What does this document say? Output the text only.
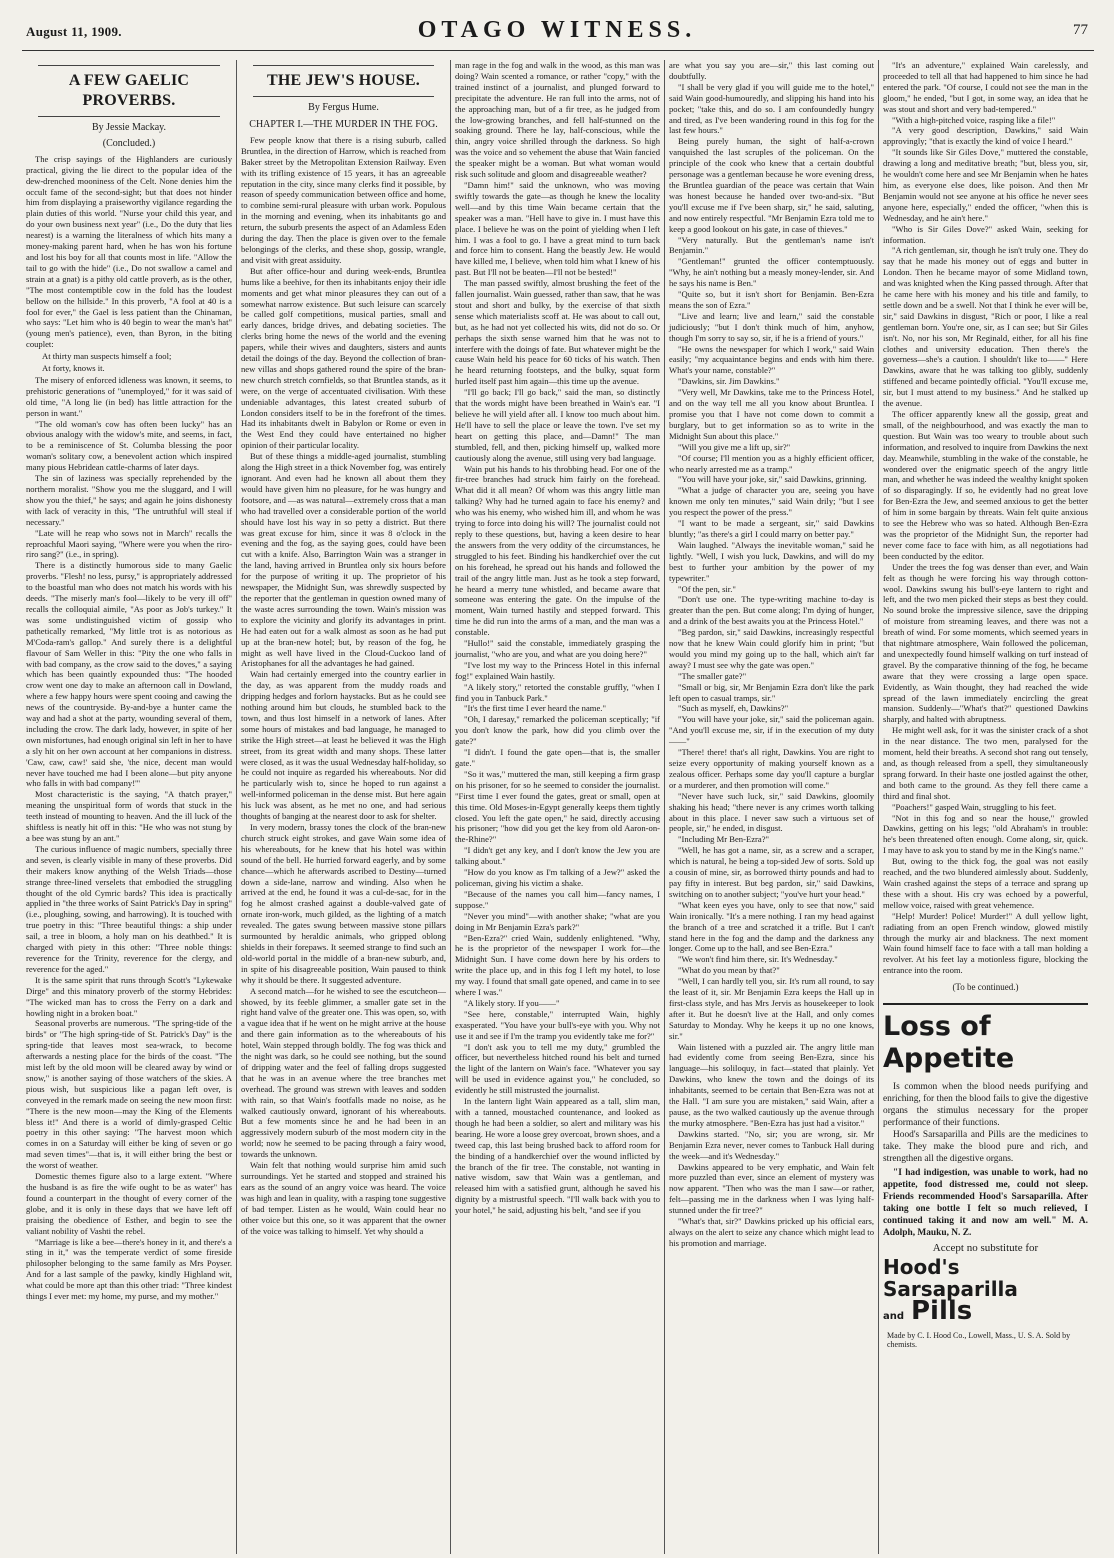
August 11, 1909.	OTAGO WITNESS.	77
A FEW GAELIC PROVERBS.
By Jessie Mackay.
(Concluded.)

The crisp sayings of the Highlanders are curiously practical, giving the lie direct to the popular idea of the dew-drenched mooniness of the Celt. None denies him the occult fame of the second-sight; but that does not hinder him from displaying a praiseworthy vigilance regarding the plain duties of this world. "Nurse your child this year, and do your own business next year" (i.e., Do the duty that lies nearest) is a warning the literalness of which hits many a money-making parent hard, when he has won his fortune and lost his boy for all that counts most in life. "Allow the tail to go with the hide" (i.e., Do not swallow a camel and strain at a gnat) is a pithy old cattle proverb, as is the other, "The most contemptible cow in the fold has the loudest bellow on the hillside." In this proverb, "A fool at 40 is a fool for ever," the Gael is less patient than the Chinaman, who says: "Let him who is 40 begin to wear the man's hat" (young men's patience), even, than Byron, in the biting couplet:

At thirty man suspects himself a fool;

At forty, knows it.

The misery of enforced idleness was known, it seems, to prehistoric generations of "unemployed," for it was said of old time, "A long lie (in bed) has little attraction for the person in want."

"The old woman's cow has often been lucky" has an obvious analogy with the widow's mite, and seems, in fact, to be a reminiscence of St. Columba blessing the poor woman's solitary cow, a benevolent action which inspired many pious Hebridean cattle-charms of later days.

The sin of laziness was specially reprehended by the northern moralist. "Show you me the sluggard, and I will show you the thief," he says; and again he joins dishonesty with lack of veracity in this, "The untruthful will steal if necessary."

"Late will he reap who sows not in March" recalls the reproachful Maori saying, "Where were you when the riro-riro sang?" (i.e., in spring).

There is a distinctly humorous side to many Gaelic proverbs. "Flesh! no less, pursy," is appropriately addressed to the boastful man who does not match his words with his deeds. "The miserly man's fool—likely to be very ill off" recalls the colloquial aimile, "As poor as Job's turkey." It was some undistinguished victim of gossip who pathetically remarked, "My little trot is as notorious as M'Coda-ram's gallop." And surely there is a delightful flavour of Sam Weller in this: "Pity the one who falls in with bad company, as the crow said to the doves," a saying which has been quaintly expounded thus: "The hooded crow went one day to make an afternoon call in Dowland, where a few happy hours were spent cooing and cawing the news of the countryside. By-and-bye a hunter came the way and had a shot at the party, wounding several of them, including the crow. The dark lady, however, in spite of her own misfortunes, had enough original sin left in her to have a sly hit on her own account at her companions in distress. 'Caw, caw, caw!' said she, 'the nice, decent man would never have touched me had I been alone—but pity anyone who falls in with bad company!'"

Most characteristic is the saying, "A thatch prayer," meaning the unspiritual form of words that stuck in the teeth instead of mounting to heaven. And the ill luck of the shiftless is neatly hit off in this: "He who was not stung by a bee was stung by an ant."

The curious influence of magic numbers, specially three and seven, is clearly visible in many of these proverbs. Did their makers know anything of the Welsh Triads—those strange three-lined verselets that embodied the struggling thought of the old Cymric bards? This idea is practically applied in "the three works of Saint Patrick's Day in spring" (i.e., ploughing, sowing, and harrowing). It is touched with true poetry in this: "Three beautiful things: a ship under sail, a tree in bloom, a holy man on his deathbed." It is charged with piety in this other: "Three noble things: reverence for the Trinity, reverence for the clergy, and reverence for the aged."

It is the same spirit that runs through Scott's "Lykewake Dirge" and this minatory proverb of the stormy Hebrides: "The wicked man has to cross the Ferry on a dark and howling night in a broken boat."

Seasonal proverbs are numerous. "The spring-tide of the birds" or "The high spring-tide of St. Patrick's Day" is the spring-tide that leaves most sea-wrack, to become afterwards a nesting place for the birds of the coast. "The mist left by the old moon will be cleared away by wind or snow," is another saying of those watchers of the skies. A pious wish, but suspicious like a pagan left over, is conveyed in the remark made on seeing the new moon first: "There is the new moon—may the King of the Elements bless it!" And there is a world of dimly-grasped Celtic poetry in this other saying: "The harvest moon which comes in on a Saturday will either be king of seven or go mad seven times"—that is, it will either bring the best or the worst of weather.

Domestic themes figure also to a large extent. "Where the husband is as fire the wife ought to be as water" has found a counterpart in the thought of every corner of the globe, and it is only in these days that we have left off praising the obedience of Esther, and begin to see the valiant nobility of Vashti the rebel.

"Marriage is like a bee—there's honey in it, and there's a sting in it," was the temperate verdict of some fireside philosopher belonging to the same family as Mrs Poyser. And for a last sample of the pawky, kindly Highland wit, what could be more apt than this other triad: "Three kindest things I ever met: my home, my purse, and my mother."

THE JEW'S HOUSE.
By Fergus Hume.
CHAPTER I.—THE MURDER IN THE FOG.

Few people know that there is a rising suburb, called Bruntlea, in the direction of Harrow, which is reached from Baker street by the Metropolitan Extension Railway. Even with its trifling existence of 15 years, it has an agreeable reputation in the city, since many clerks find it possible, by reason of speedy communication between office and home, to combine semi-rural pleasure with urban work. Populous in the morning and evening, when its inhabitants go and return, the suburb presents the aspect of an Adamless Eden during the day. Then the place is given over to the female belongings of the clerks, and these shop, gossip, wrangle, and visit with great assiduity.

But after office-hour and during week-ends, Bruntlea hums like a beehive, for then its inhabitants enjoy their idle moments and get what minor pleasures they can out of a somewhat narrow existence. But such leisure can scarcely be called golf competitions, musical parties, small and early dances, bridge drives, and debating societies. The clerks bring home the news of the world and the evening papers, while their wives and daughters, sisters and aunts detail the doings of the day. Beyond the collection of bran-new villas and shops gathered round the spire of the bran-new church stretch cornfields, so that Bruntlea stands, as it were, on the verge of accentuated civilisation. With these undeniable advantages, this latest created suburb of London considers itself to be in the forefront of the times. Had its inhabitants dwelt in Babylon or Rome or even in the West End they could have entertained no higher opinion of their particular locality.

But of these things a middle-aged journalist, stumbling along the High street in a thick November fog, was entirely ignorant. And even had he known all about them they would have given him no pleasure, for he was hungry and footsore, and —as was natural—extremely cross that a man who had travelled over a considerable portion of the world should have lost his way in so petty a district. But there was great excuse for him, since it was 8 o'clock in the evening and the fog, as the saying goes, could have been cut with a knife. Also, Barrington Wain was a stranger in the land, having arrived in Bruntlea only six hours before for the purpose of writing it up. The proprietor of his newspaper, the Midnight Sun, was shrewdly suspected by the reporter that the gentleman in question owned many of the waste acres surrounding the town. Wain's mission was to explore the vicinity and glorify its advantages in print. He had eaten out for a walk almost as soon as he had put up at the bran-new hotel; but, by reason of the fog, he might as well have lived in the Cloud-Cuckoo land of Aristophanes for all the advantages he had gained.

Wain had certainly emerged into the country earlier in the day, as was apparent from the muddy roads and dripping hedges and forlorn haystacks. But as he could see nothing around him but clouds, he stumbled back to the town, and thus lost himself in a network of lanes. After some hours of mistakes and bad language, he managed to strike the High street—at least he believed it was the High street, from its great width and many shops. These latter were closed, as it was the usual Wednesday half-holiday, so he could not inquire as regarded his whereabouts. Nor did he particularly wish to, since he hoped to run against a well-informed policeman in the dense mist. But here again his luck was absent, as he met no one, and had serious thoughts of banging at the nearest door to ask for shelter.

In very modern, brassy tones the clock of the bran-new church struck eight strokes, and gave Wain some idea of his whereabouts, for he knew that his hotel was within sound of the bell. He hurried forward eagerly, and by some chance—which he afterwards ascribed to Destiny—turned down a side-lane, narrow and winding. Also when he arrived at the end, he found it was a cul-de-sac, for in the fog he almost crashed against a double-valved gate of ornate iron-work, much gilded, as the lighting of a match revealed. The gates swung between massive stone pillars surmounted by heraldic animals, who gripped oblong shields in their forepaws. It seemed strange to find such an old-world portal in the middle of a bran-new suburb, and, in spite of his disagreeable position, Wain paused to think why it should be there. It suggested adventure.

A second match—for he wished to see the escutcheon—showed, by its feeble glimmer, a smaller gate set in the right hand valve of the greater one. This was open, so, with a vague idea that if he went on he might arrive at the house and there gain information as to the whereabouts of his hotel, Wain stepped through boldly. The fog was thick and the night was dark, so he could see nothing, but the sound of dripping water and the feel of falling drops suggested that he was in an avenue where the tree branches met overhead. The ground was strewn with leaves and sodden with rain, so that Wain's footfalls made no noise, as he walked cautiously onward, ignorant of his whereabouts. But a few moments since he and he had been in an aggressively modern suburb of the most modern city in the world; now he seemed to be pacing through a fairy wood, towards the unknown.

Wain felt that nothing would surprise him amid such surroundings. Yet he started and stopped and strained his ears as the sound of an angry voice was heard. The voice was high and lean in quality, with a rasping tone suggestive of bad temper. Listen as he would, Wain could hear no other voice but this one, so it was apparent that the owner of the voice was talking to himself. Yet why should a

man rage in the fog and walk in the wood, as this man was doing? Wain scented a romance, or rather "copy," with the trained instinct of a journalist, and plunged forward to precipitate the adventure. He ran full into the arms, not of the approaching man, but of a fir tree, as he judged from the low-growing branches, and fell half-stunned on the soaking ground. There he lay, half-conscious, while the thin, angry voice shrilled through the darkness. So high was the voice and so vehement the abuse that Wain fancied the speaker might be a woman. But what woman would risk such solitude and gloom and disagreeable weather?

"Damn him!" said the unknown, who was moving swiftly towards the gate—as though he knew the locality well—and by this time Wain became certain that the speaker was a man. "Hell have to give in. I must have this place. I believe he was on the point of yielding when I left him. I was a fool to go. I have a great mind to turn back and force him to consent. Hang the beastly Jew. He would have killed me, I believe, when told him what I knew of his past. But I'll not be beaten—I'll not be bested!"

The man passed swiftly, almost brushing the feet of the fallen journalist. Wain guessed, rather than saw, that he was stout and short and bulky, by the exercise of that sixth sense which materialists scoff at. He was about to call out, but, as he had not yet collected his wits, did not do so. Or perhaps the sixth sense warned him that he was not to interfere with the doings of fate. But whatever might be the cause Wain held his peace for 60 ticks of his watch. Then he heard returning footsteps, and the bulky, squat form hurled itself past him again—this time up the avenue.

"I'll go back; I'll go back," said the man, so distinctly that the words might have been breathed in Wain's ear. "I believe he will yield after all. I know too much about him. He'll have to sell the place or leave the town. I've set my heart on getting this place, and—Damn!" The man stumbled, fell, and then, picking himself up, walked more cautiously along the avenue, still using very bad language.

Wain put his hands to his throbbing head. For one of the fir-tree branches had struck him fairly on the forehead. What did it all mean? Of whom was this angry little man talking? Why had he turned again to face his enemy? and who was his enemy, who wished him ill, and whom he was trying to force into doing his will? The journalist could not reply to these questions, but, having a keen desire to hear the answers from the very oddity of the circumstances, he struggled to his feet. Binding his handkerchief over the cut on his forehead, he spread out his hands and followed the trail of the angry little man. Just as he took a step forward, he heard a merry tune whistled, and became aware that someone was entering the gate. On the impulse of the moment, Wain turned hastily and stepped forward. This time he did run into the arms of a man, and the man was a constable.

"Hullo!" said the constable, immediately grasping the journalist, "who are you, and what are you doing here?"

"I've lost my way to the Princess Hotel in this infernal fog!" explained Wain hastily.

"A likely story," retorted the constable gruffly, "when I find you in Tanbuck Park."

"It's the first time I ever heard the name."

"Oh, I daresay," remarked the policeman sceptically; "if you don't know the park, how did you climb over the gate?"

"I didn't. I found the gate open—that is, the smaller gate."

"So it was," muttered the man, still keeping a firm grasp on his prisoner, for so he seemed to consider the journalist. "First time I ever found the gates, great or small, open at this time. Old Moses-in-Egypt generally keeps them tightly closed. You left the gate open," he said, directly accusing his prisoner; "how did you get the key from old Aaron-on-the-Rhine?"

"I didn't get any key, and I don't know the Jew you are talking about."

"How do you know as I'm talking of a Jew?" asked the policeman, giving his victim a shake.

"Because of the names you call him—fancy names, I suppose."

"Never you mind"—with another shake; "what are you doing in Mr Benjamin Ezra's park?"

"Ben-Ezra?" cried Wain, suddenly enlightened. "Why, he is the proprietor of the newspaper I work for—the Midnight Sun. I have come down here by his orders to write the place up, and in this fog I left my hotel, to lose my way. I found that small gate opened, and came in to see where I was."

"A likely story. If you——"

"See here, constable," interrupted Wain, highly exasperated. "You have your bull's-eye with you. Why not use it and see if I'm the tramp you evidently take me for?"

"I don't ask you to tell me my duty," grumbled the officer, but nevertheless hitched round his belt and turned the light of the lantern on Wain's face. "Whatever you say will be used in evidence against you," he concluded, so evidently he still mistrusted the journalist.

In the lantern light Wain appeared as a tall, slim man, with a tanned, moustached countenance, and looked as though he had been a soldier, so alert and military was his bearing. He wore a loose grey overcoat, brown shoes, and a tweed cap, this last being brushed back to afford room for the binding of a handkerchief over the wound inflicted by the branch of the fir tree. The constable, not wanting in native wisdom, saw that Wain was a gentleman, and released him with a satisfied grunt, although he saved his dignity by a mistrustful speech. "I'll walk back with you to your hotel," he said, adjusting his belt, "and see if you

are what you say you are—sir," this last coming out doubtfully.

"I shall be very glad if you will guide me to the hotel," said Wain good-humouredly, and slipping his hand into his pocket; "take this, and do so. I am confoundedly hungry and tired, as I've been wandering round in this fog for the last few hours."

Being purely human, the sight of half-a-crown vanquished the last scruples of the policeman. On the principle of the cook who knew that a certain doubtful personage was a gentleman because he wore evening dress, the Bruntlea guardian of the peace was certain that Wain was honest because he handed over two-and-six. "But you'll excuse me if I've been sharp, sir," he said, saluting, and now entirely respectful. "Mr Benjamin Ezra told me to keep a good lookout on his gate, in case of thieves."

"Very naturally. But the gentleman's name isn't Benjamin."

"Gentleman!" grunted the officer contemptuously. "Why, he ain't nothing but a measly money-lender, sir. And he says his name is Ben."

"Quite so, but it isn't short for Benjamin. Ben-Ezra means the son of Ezra."

"Live and learn; live and learn," said the constable judiciously; "but I don't think much of him, anyhow, though I'm sorry to say so, sir, if he is a friend of yours."

"He owns the newspaper for which I work," said Wain easily; "my acquaintance begins and ends with him there. What's your name, constable?"

"Dawkins, sir. Jim Dawkins."

"Very well, Mr Dawkins, take me to the Princess Hotel, and on the way tell me all you know about Bruntlea. I promise you that I have not come down to commit a burglary, but to get information so as to write in the Midnight Sun about this place."

"Will you give me a lift up, sir?"

"Of course; I'll mention you as a highly efficient officer, who nearly arrested me as a tramp."

"You will have your joke, sir," said Dawkins, grinning.

"What a judge of character you are, seeing you have known me only ten minutes," said Wain drily; "but I see you respect the power of the press."

"I want to be made a sergeant, sir," said Dawkins bluntly; "as there's a girl I could marry on better pay."

Wain laughed. "Always the inevitable woman," said he lightly. "Well, I wish you luck, Dawkins, and will do my best to further your ambition by the power of my typewriter."

"Of the pen, sir."

"Don't use one. The type-writing machine to-day is greater than the pen. But come along; I'm dying of hunger, and a drink of the best awaits you at the Princess Hotel."

"Beg pardon, sir," said Dawkins, increasingly respectful now that he knew Wain could glorify him in print; "but would you mind my going up to the hall, which ain't far away? I must see why the gate was open."

"The smaller gate?"

"Small or big, sir, Mr Benjamin Ezra don't like the park left open to casual tramps, sir."

"Such as myself, eh, Dawkins?"

"You will have your joke, sir," said the policeman again. "And you'll excuse me, sir, if in the execution of my duty——"

"There! there! that's all right, Dawkins. You are right to seize every opportunity of making yourself known as a zealous officer. Perhaps some day you'll capture a burglar or a murderer, and then promotion will come."

"Never have such luck, sir," said Dawkins, gloomily shaking his head; "there never is any crimes worth talking about in this place. I never saw such a virtuous set of people, sir," he ended, in disgust.

"Including Mr Ben-Ezra?"

"Well, he has got a name, sir, as a screw and a scraper, which is natural, he being a top-sided Jew of sorts. Sold up a cousin of mine, sir, as borrowed thirty pounds and had to pay fifty in interest. But beg pardon, sir," said Dawkins, switching on to another subject; "you've hurt your head."

"What keen eyes you have, only to see that now," said Wain ironically. "It's a mere nothing. I ran my head against the branch of a tree and scratched it a trifle. But I can't stand here in the fog and the damp and the darkness any longer. Come up to the hall, and see Ben-Ezra."

"We won't find him there, sir. It's Wednesday."

"What do you mean by that?"

"Well, I can hardly tell you, sir. It's rum all round, to say the least of it, sir. Mr Benjamin Ezra keeps the Hall up in first-class style, and has Mrs Jervis as housekeeper to look after it. But he doesn't live at the Hall, and only comes Saturday to Monday. Why he keeps it up no one knows, sir."

Wain listened with a puzzled air. The angry little man had evidently come from seeing Ben-Ezra, since his language—his soliloquy, in fact—stated that plainly. Yet Dawkins, who knew the town and the doings of its inhabitants, seemed to be certain that Ben-Ezra was not at the Hall. "I am sure you are mistaken," said Wain, after a pause, as the two walked cautiously up the avenue through the murky atmosphere. "Ben-Ezra has just had a visitor."

Dawkins started. "No, sir; you are wrong, sir. Mr Benjamin Ezra never, never comes to Tanbuck Hall during the week—and it's Wednesday."

Dawkins appeared to be very emphatic, and Wain felt more puzzled than ever, since an element of mystery was now apparent. "Then who was the man I saw—or rather, felt—passing me in the darkness when I was lying half-stunned under the fir tree?"

"What's that, sir?" Dawkins pricked up his official ears, always on the alert to seize any chance which might lead to his promotion and marriage.

"It's an adventure," explained Wain carelessly, and proceeded to tell all that had happened to him since he had entered the park. "Of course, I could not see the man in the gloom," he ended, "but I got, in some way, an idea that he was stout and short and very bad-tempered."

"With a high-pitched voice, rasping like a file!"

"A very good description, Dawkins," said Wain approvingly; "that is exactly the kind of voice I heard."

"It sounds like Sir Giles Dove," muttered the constable, drawing a long and meditative breath; "but, bless you, sir, he wouldn't come here and see Mr Benjamin when he hates him, as everyone else does, like poison. And then Mr Benjamin would not see anyone at his office he never sees anyone here, especially," ended the officer, "when this is Wednesday, and he ain't here."

"Who is Sir Giles Dove?" asked Wain, seeking for information.

"A rich gentleman, sir, though he isn't truly one. They do say that he made his money out of eggs and butter in London. Then he became mayor of some Midland town, and was knighted when the King passed through. After that he came here with his money and his title and family, to settle down and be a swell. Not that I think he ever will be, sir," said Dawkins in disgust, "Rich or poor, I like a real gentleman born. You're one, sir, as I can see; but Sir Giles isn't. No, nor his son, Mr Reginald, either, for all his fine clothes and university education. Then there's the governess—she's a caution. I shouldn't like to——" Here Dawkins, aware that he was talking too glibly, suddenly stiffened and became pointedly official. "You'll excuse me, sir, but I must attend to my business." And he stalked up the avenue.

The officer apparently knew all the gossip, great and small, of the neighbourhood, and was exactly the man to question. But Wain was too weary to trouble about such information, and resolved to inquire from Dawkins the next day. Meanwhile, stumbling in the wake of the constable, he wondered over the enigmatic speech of the angry little man, and whether he was indeed the wealthy knight spoken of so disparagingly. If so, he evidently had no great love for Ben-Ezra the Jew, and seemed anxious to get the better of him in some bargain by threats. Wain felt quite anxious to see the Hebrew who was so hated. Although Ben-Ezra was the proprietor of the Midnight Sun, the reporter had never come face to face with him, as all negotiations had been conducted by the editor.

Under the trees the fog was denser than ever, and Wain felt as though he were forcing his way through cotton-wool. Dawkins swung his bull's-eye lantern to right and left, and the two men picked their steps as best they could. No sound broke the impressive silence, save the dripping of moisture from streaming leaves, and there was not a breath of wind. For some moments, which seemed years in that nightmare atmosphere, Wain followed the policeman, and unexpectedly found himself walking on turf instead of gravel. By the comparative thinning of the fog, he became aware that they were crossing a large open space. Evidently, as Wain thought, they had reached the wide spread of the lawn immediately encircling the great mansion. Suddenly—"What's that?" questioned Dawkins sharply, and halted with abruptness.

He might well ask, for it was the sinister crack of a shot in the near distance. The two men, paralysed for the moment, held their breaths. A second shot rang out tensely, and, as though released from a spell, they simultaneously sprang forward. In their haste one jostled against the other, and both came to the ground. As they fell there came a third and final shot.

"Poachers!" gasped Wain, struggling to his feet.

"Not in this fog and so near the house," growled Dawkins, getting on his legs; "old Abraham's in trouble: he's been threatened often enough. Come along, sir, quick. I may have to ask you to stand by me in the King's name."

But, owing to the thick fog, the goal was not easily reached, and the two blundered aimlessly about. Suddenly, Wain crashed against the steps of a terrace and sprang up these with a shout. His cry was echoed by a powerful, mellow voice, raised with great vehemence.

"Help! Murder! Police! Murder!" A dull yellow light, radiating from an open French window, glowed mistily through the murky air and blackness. The next moment Wain found himself face to face with a tall man holding a revolver. At his feet lay a motionless figure, blocking the entrance into the room.

(To be continued.)
Loss of Appetite

Is common when the blood needs purifying and enriching, for then the blood fails to give the digestive organs the stimulus necessary for the proper performance of their functions.

Hood's Sarsaparilla and Pills are the medicines to take. They make the blood pure and rich, and strengthen all the digestive organs.

"I had indigestion, was unable to work, had no appetite, food distressed me, could not sleep. Friends recommended Hood's Sarsaparilla. After taking one bottle I felt so much relieved, I continued taking it and now am well." M. A. Adolph, Mauku, N. Z.

Accept no substitute for

Hood's Sarsaparilla

and Pills Made by C. I. Hood Co., Lowell, Mass., U. S. A. Sold by chemists.
